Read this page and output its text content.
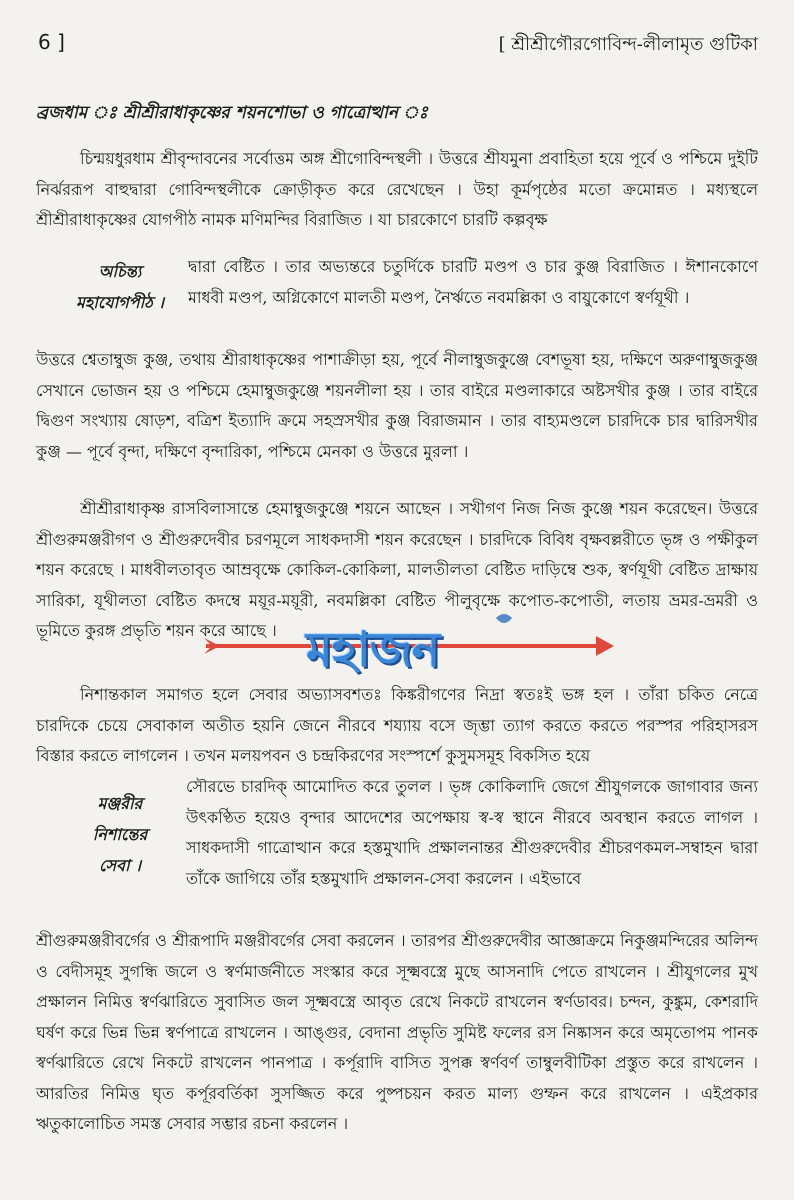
6 ]	[ শ্রীশ্রীগৌরগোবিন্দ-লীলামৃত গুটিকা
ব্রজধাম ঃ শ্রীশ্রীরাধাকৃষ্ণের শয়নশোভা ও গাত্রোত্থান ঃ

চিন্ময়ধুরধাম শ্রীবৃন্দাবনের সর্বোত্তম অঙ্গ শ্রীগোবিন্দস্থলী । উত্তরে শ্রীযমুনা প্রবাহিতা হয়ে পূর্বে ও পশ্চিমে দুইটি নির্ঝররূপ বাহুদ্বারা গোবিন্দস্থলীকে ক্রোড়ীকৃত করে রেখেছেন । উহা কূর্মপৃষ্ঠের মতো ক্রমোন্নত । মধ্যস্থলে শ্রীশ্রীরাধাকৃষ্ণের যোগপীঠ নামক মণিমন্দির বিরাজিত । যা চারকোণে চারটি কল্পবৃক্ষ

দ্বারা বেষ্টিত । তার অভ্যন্তরে চতুর্দিকে চারটি মণ্ডপ ও চার কুঞ্জ বিরাজিত । ঈশানকোণে মাধবী মণ্ডপ, অগ্নিকোণে মালতী মণ্ডপ, নৈর্ঋতে নবমল্লিকা ও বায়ুকোণে স্বর্ণযূথী ।

অচিন্ত্য
মহাযোগপীঠ ।

উত্তরে শ্বেতাম্বুজ কুঞ্জ, তথায় শ্রীরাধাকৃষ্ণের পাশাক্রীড়া হয়, পূর্বে নীলাম্বুজকুঞ্জে বেশভূষা হয়, দক্ষিণে অরুণাম্বুজকুঞ্জ সেখানে ভোজন হয় ও পশ্চিমে হেমাম্বুজকুঞ্জে শয়নলীলা হয় । তার বাইরে মণ্ডলাকারে অষ্টসখীর কুঞ্জ । তার বাইরে দ্বিগুণ সংখ্যায় ষোড়শ, বত্রিশ ইত্যাদি ক্রমে সহস্রসখীর কুঞ্জ বিরাজমান । তার বাহ্যমণ্ডলে চারদিকে চার দ্বারিসখীর কুঞ্জ — পূর্বে বৃন্দা, দক্ষিণে বৃন্দারিকা, পশ্চিমে মেনকা ও উত্তরে মুরলা ।

শ্রীশ্রীরাধাকৃষ্ণ রাসবিলাসান্তে হেমাম্বুজকুঞ্জে শয়নে আছেন । সখীগণ নিজ নিজ কুঞ্জে শয়ন করেছেন। উত্তরে শ্রীগুরুমঞ্জরীগণ ও শ্রীগুরুদেবীর চরণমূলে সাধকদাসী শয়ন করেছেন । চারদিকে বিবিধ বৃক্ষবল্লরীতে ভৃঙ্গ ও পক্ষীকুল শয়ন করেছে । মাধবীলতাবৃত আম্রবৃক্ষে কোকিল-কোকিলা, মালতীলতা বেষ্টিত দাড়িম্বে শুক, স্বর্ণযূথী বেষ্টিত দ্রাক্ষায় সারিকা, যূথীলতা বেষ্টিত কদম্বে ময়ূর-ময়ূরী, নবমল্লিকা বেষ্টিত পীলুবৃক্ষে কপোত-কপোতী, লতায় ভ্রমর-ভ্রমরী ও ভূমিতে কুরঙ্গ প্রভৃতি শয়ন করে আছে ।

নিশান্তকাল সমাগত হলে সেবার অভ্যাসবশতঃ কিঙ্করীগণের নিদ্রা স্বতঃই ভঙ্গ হল । তাঁরা চকিত নেত্রে চারদিকে চেয়ে সেবাকাল অতীত হয়নি জেনে নীরবে শয্যায় বসে জৃম্ভা ত্যাগ করতে করতে পরস্পর পরিহাসরস বিস্তার করতে লাগলেন । তখন মলয়পবন ও চন্দ্রকিরণের সংস্পর্শে কুসুমসমূহ বিকসিত হয়ে

সৌরভে চারদিক্ আমোদিত করে তুলল । ভৃঙ্গ কোকিলাদি জেগে শ্রীযুগলকে জাগাবার জন্য উৎকণ্ঠিত হয়েও বৃন্দার আদেশের অপেক্ষায় স্ব-স্ব স্থানে নীরবে অবস্থান করতে লাগল । সাধকদাসী গাত্রোত্থান করে হস্তমুখাদি প্রক্ষালনান্তর শ্রীগুরুদেবীর শ্রীচরণকমল-সম্বাহন দ্বারা তাঁকে জাগিয়ে তাঁর হস্তমুখাদি প্রক্ষালন-সেবা করলেন । এইভাবে

মঞ্জরীর
নিশান্তের
সেবা ।

শ্রীগুরুমঞ্জরীবর্গের ও শ্রীরূপাদি মঞ্জরীবর্গের সেবা করলেন । তারপর শ্রীগুরুদেবীর আজ্ঞাক্রমে নিকুঞ্জমন্দিরের অলিন্দ ও বেদীসমূহ সুগন্ধি জলে ও স্বর্ণমার্জনীতে সংস্কার করে সূক্ষ্মবস্ত্রে মুছে আসনাদি পেতে রাখলেন । শ্রীযুগলের মুখ প্রক্ষালন নিমিত্ত স্বর্ণঝারিতে সুবাসিত জল সূক্ষ্মবস্ত্রে আবৃত রেখে নিকটে রাখলেন স্বর্ণডাবর। চন্দন, কুঙ্কুম, কেশরাদি ঘর্ষণ করে ভিন্ন ভিন্ন স্বর্ণপাত্রে রাখলেন । আঙ্গুর, বেদানা প্রভৃতি সুমিষ্ট ফলের রস নিষ্কাসন করে অমৃতোপম পানক স্বর্ণঝারিতে রেখে নিকটে রাখলেন পানপাত্র । কর্পূরাদি বাসিত সুপক্ক স্বর্ণবর্ণ তাম্বুলবীটিকা প্রস্তুত করে রাখলেন । আরতির নিমিত্ত ঘৃত কর্পূরবর্তিকা সুসজ্জিত করে পুষ্পচয়ন করত মাল্য গুম্ফন করে রাখলেন । এইপ্রকার ঋতুকালোচিত সমস্ত সেবার সম্ভার রচনা করলেন ।

মহাজন
